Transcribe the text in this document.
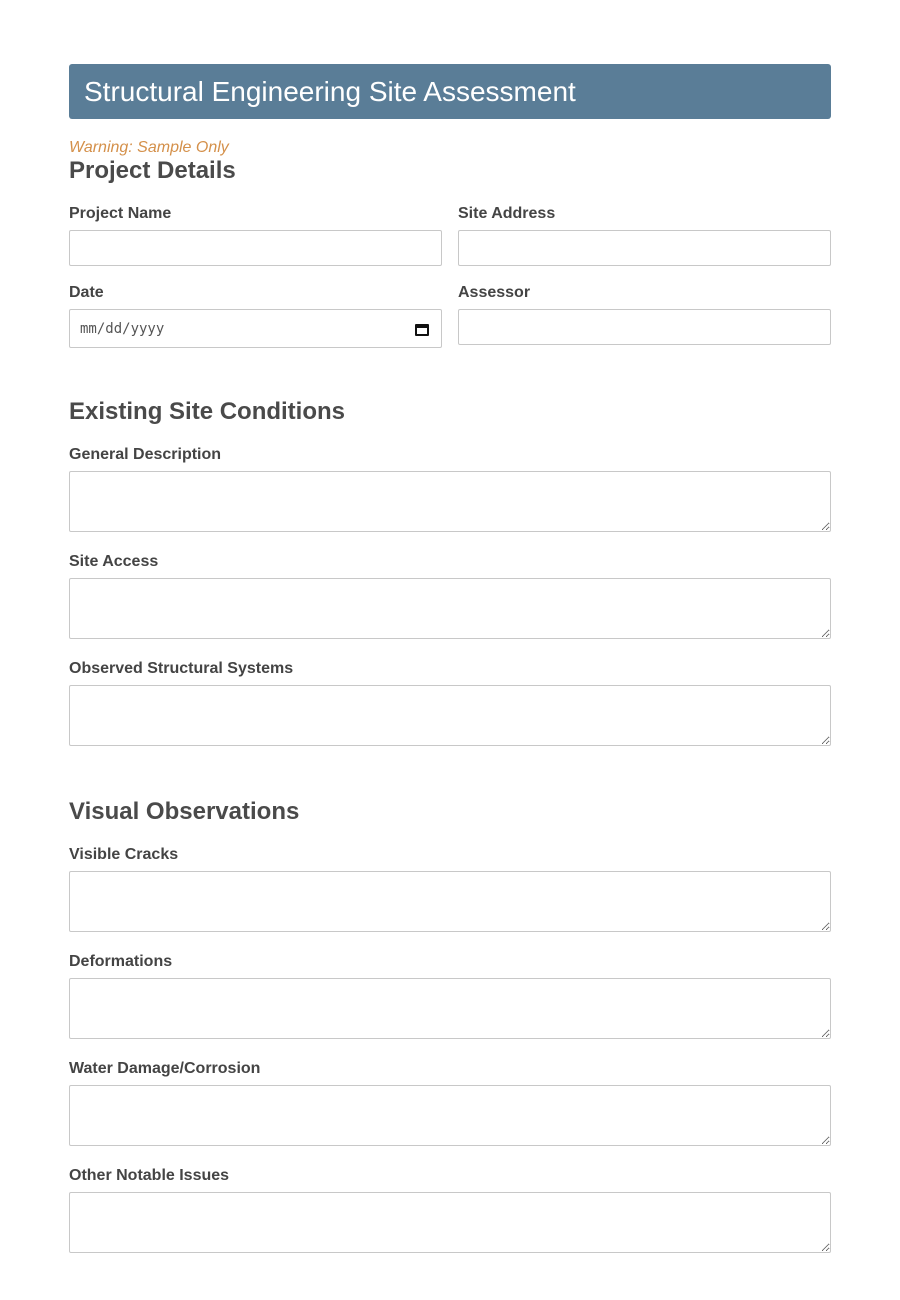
Structural Engineering Site Assessment
Warning: Sample Only
Project Details
Project Name	Site Address
Date
mm/dd/yyyy
Assessor
Existing Site Conditions
General Description
Site Access
Observed Structural Systems
Visual Observations
Visible Cracks
Deformations
Water Damage/Corrosion
Other Notable Issues
